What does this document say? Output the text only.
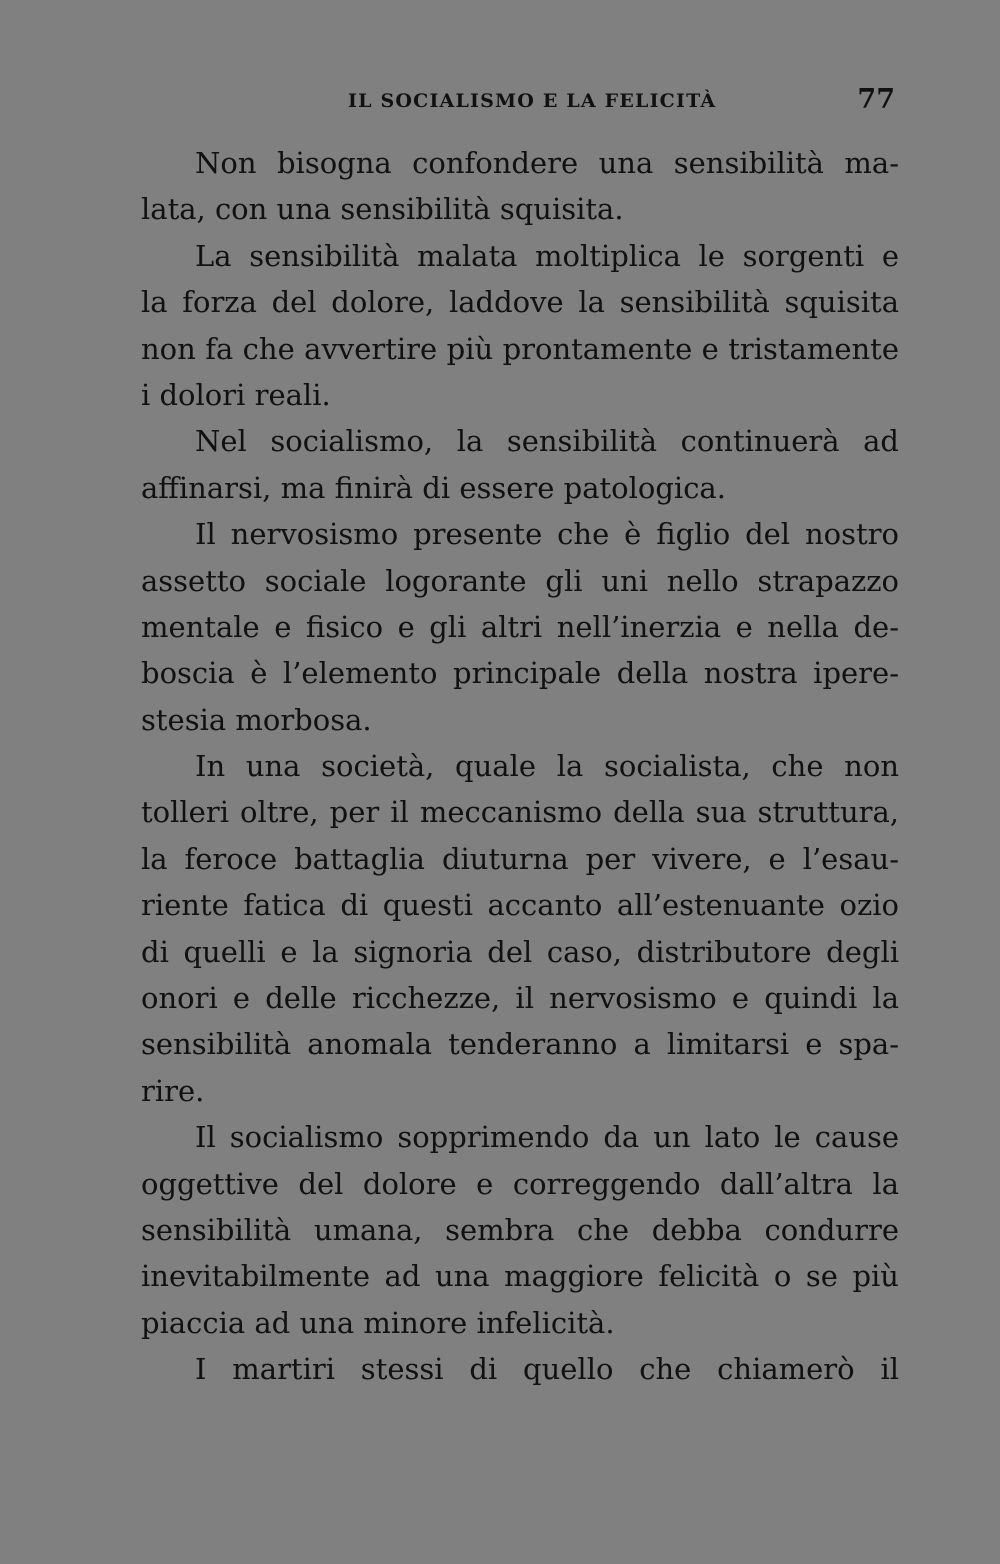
IL SOCIALISMO E LA FELICITÀ	77
Non bisogna confondere una sensibilità ma-
lata, con una sensibilità squisita.
La sensibilità malata moltiplica le sorgenti e
la forza del dolore, laddove la sensibilità squisita
non fa che avvertire più prontamente e tristamente
i dolori reali.
Nel socialismo, la sensibilità continuerà ad
affinarsi, ma finirà di essere patologica.
Il nervosismo presente che è figlio del nostro
assetto sociale logorante gli uni nello strapazzo
mentale e fisico e gli altri nell’inerzia e nella de-
boscia è l’elemento principale della nostra ipere-
stesia morbosa.
In una società, quale la socialista, che non
tolleri oltre, per il meccanismo della sua struttura,
la feroce battaglia diuturna per vivere, e l’esau-
riente fatica di questi accanto all’estenuante ozio
di quelli e la signoria del caso, distributore degli
onori e delle ricchezze, il nervosismo e quindi la
sensibilità anomala tenderanno a limitarsi e spa-
rire.
Il socialismo sopprimendo da un lato le cause
oggettive del dolore e correggendo dall’altra la
sensibilità umana, sembra che debba condurre
inevitabilmente ad una maggiore felicità o se più
piaccia ad una minore infelicità.
I martiri stessi di quello che chiamerò il
